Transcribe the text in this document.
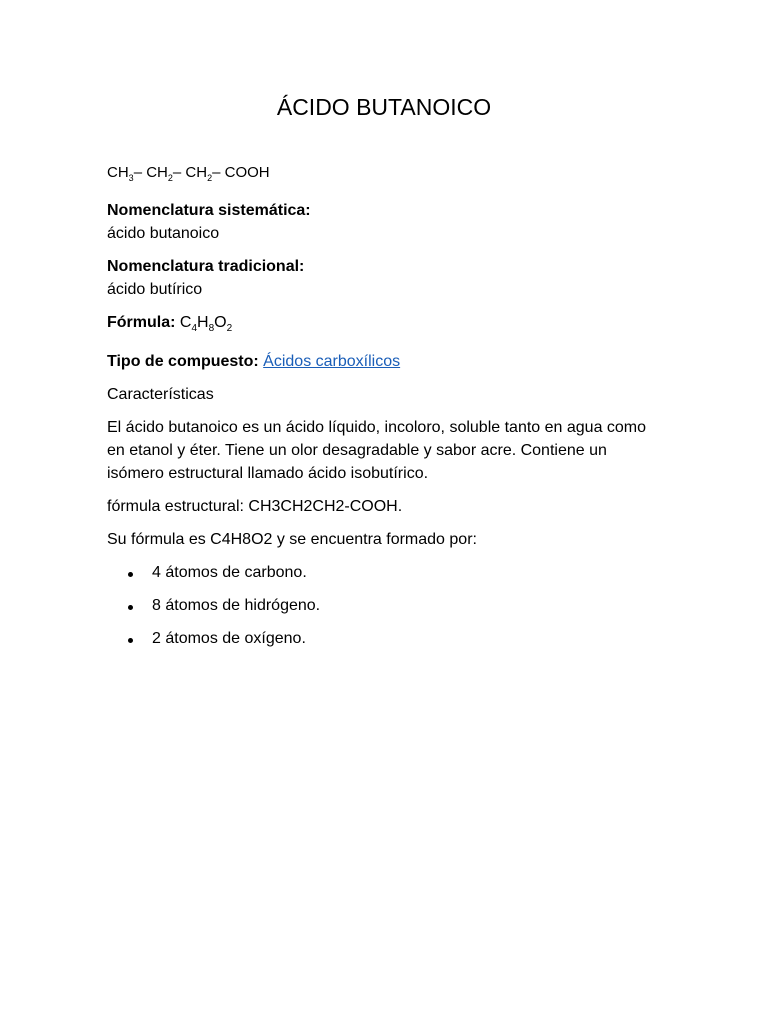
ÁCIDO BUTANOICO
$CH_3-$ $CH_2-$ $CH_2-$ COOH
Nomenclatura sistemática:
ácido butanoico
Nomenclatura tradicional:
ácido butírico
Fórmula: $C_4H_8O_2$
Tipo de compuesto: Ácidos carboxílicos
Características
El ácido butanoico es un ácido líquido, incoloro, soluble tanto en agua como en etanol y éter. Tiene un olor desagradable y sabor acre. Contiene un isómero estructural llamado ácido isobutírico.
fórmula estructural: CH3CH2CH2-COOH.
Su fórmula es C4H8O2 y se encuentra formado por:
4 átomos de carbono.
8 átomos de hidrógeno.
2 átomos de oxígeno.
